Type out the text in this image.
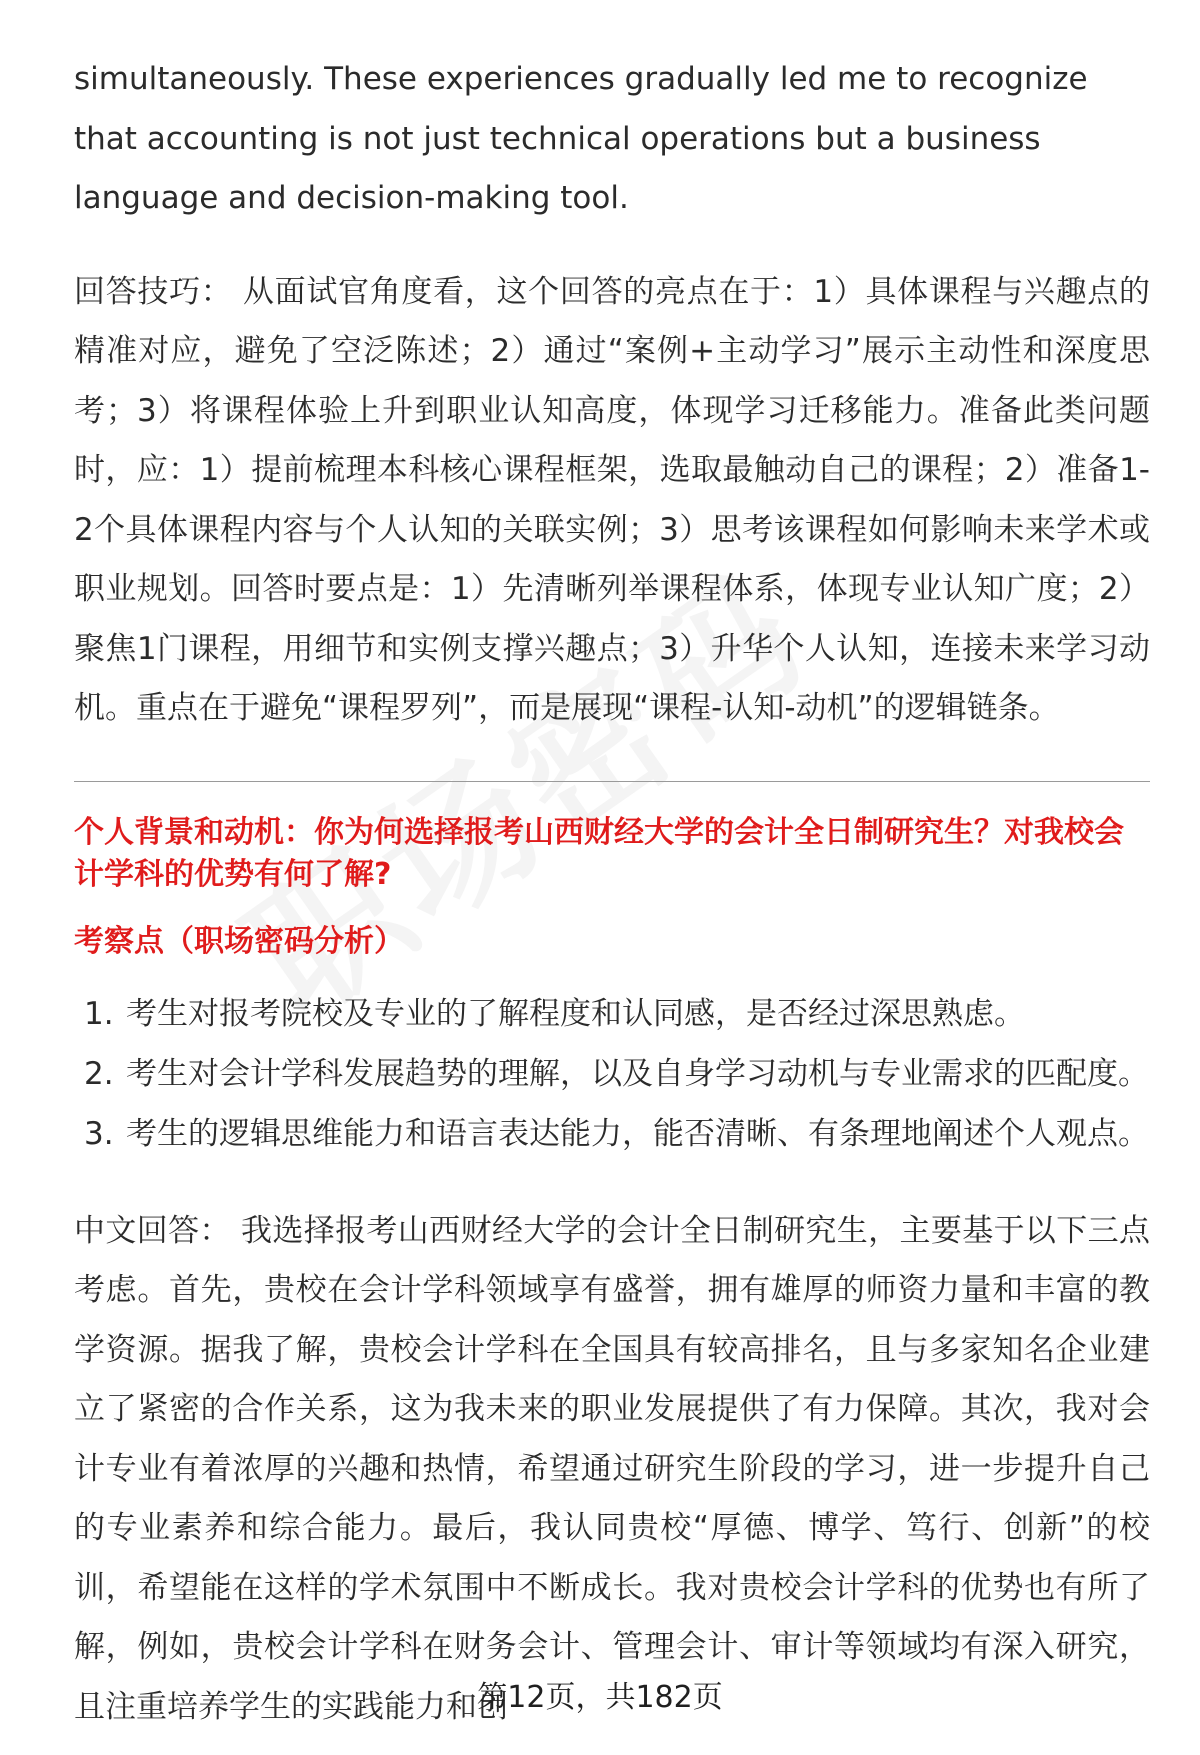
simultaneously. These experiences gradually led me to recognize that accounting is not just technical operations but a business language and decision-making tool.

回答技巧： 从面试官角度看，这个回答的亮点在于：1）具体课程与兴趣点的精准对应，避免了空泛陈述；2）通过“案例+主动学习”展示主动性和深度思考；3）将课程体验上升到职业认知高度，体现学习迁移能力。准备此类问题时，应：1）提前梳理本科核心课程框架，选取最触动自己的课程；2）准备1-2个具体课程内容与个人认知的关联实例；3）思考该课程如何影响未来学术或职业规划。回答时要点是：1）先清晰列举课程体系，体现专业认知广度；2）聚焦1门课程，用细节和实例支撑兴趣点；3）升华个人认知，连接未来学习动机。重点在于避免“课程罗列”，而是展现“课程-认知-动机”的逻辑链条。

个人背景和动机：你为何选择报考山西财经大学的会计全日制研究生？对我校会计学科的优势有何了解?

考察点（职场密码分析）

1. 考生对报考院校及专业的了解程度和认同感，是否经过深思熟虑。
2. 考生对会计学科发展趋势的理解，以及自身学习动机与专业需求的匹配度。
3. 考生的逻辑思维能力和语言表达能力，能否清晰、有条理地阐述个人观点。

中文回答： 我选择报考山西财经大学的会计全日制研究生，主要基于以下三点考虑。首先，贵校在会计学科领域享有盛誉，拥有雄厚的师资力量和丰富的教学资源。据我了解，贵校会计学科在全国具有较高排名，且与多家知名企业建立了紧密的合作关系，这为我未来的职业发展提供了有力保障。其次，我对会计专业有着浓厚的兴趣和热情，希望通过研究生阶段的学习，进一步提升自己的专业素养和综合能力。最后，我认同贵校“厚德、博学、笃行、创新”的校训，希望能在这样的学术氛围中不断成长。我对贵校会计学科的优势也有所了解，例如，贵校会计学科在财务会计、管理会计、审计等领域均有深入研究，且注重培养学生的实践能力和创

第12页，共182页
